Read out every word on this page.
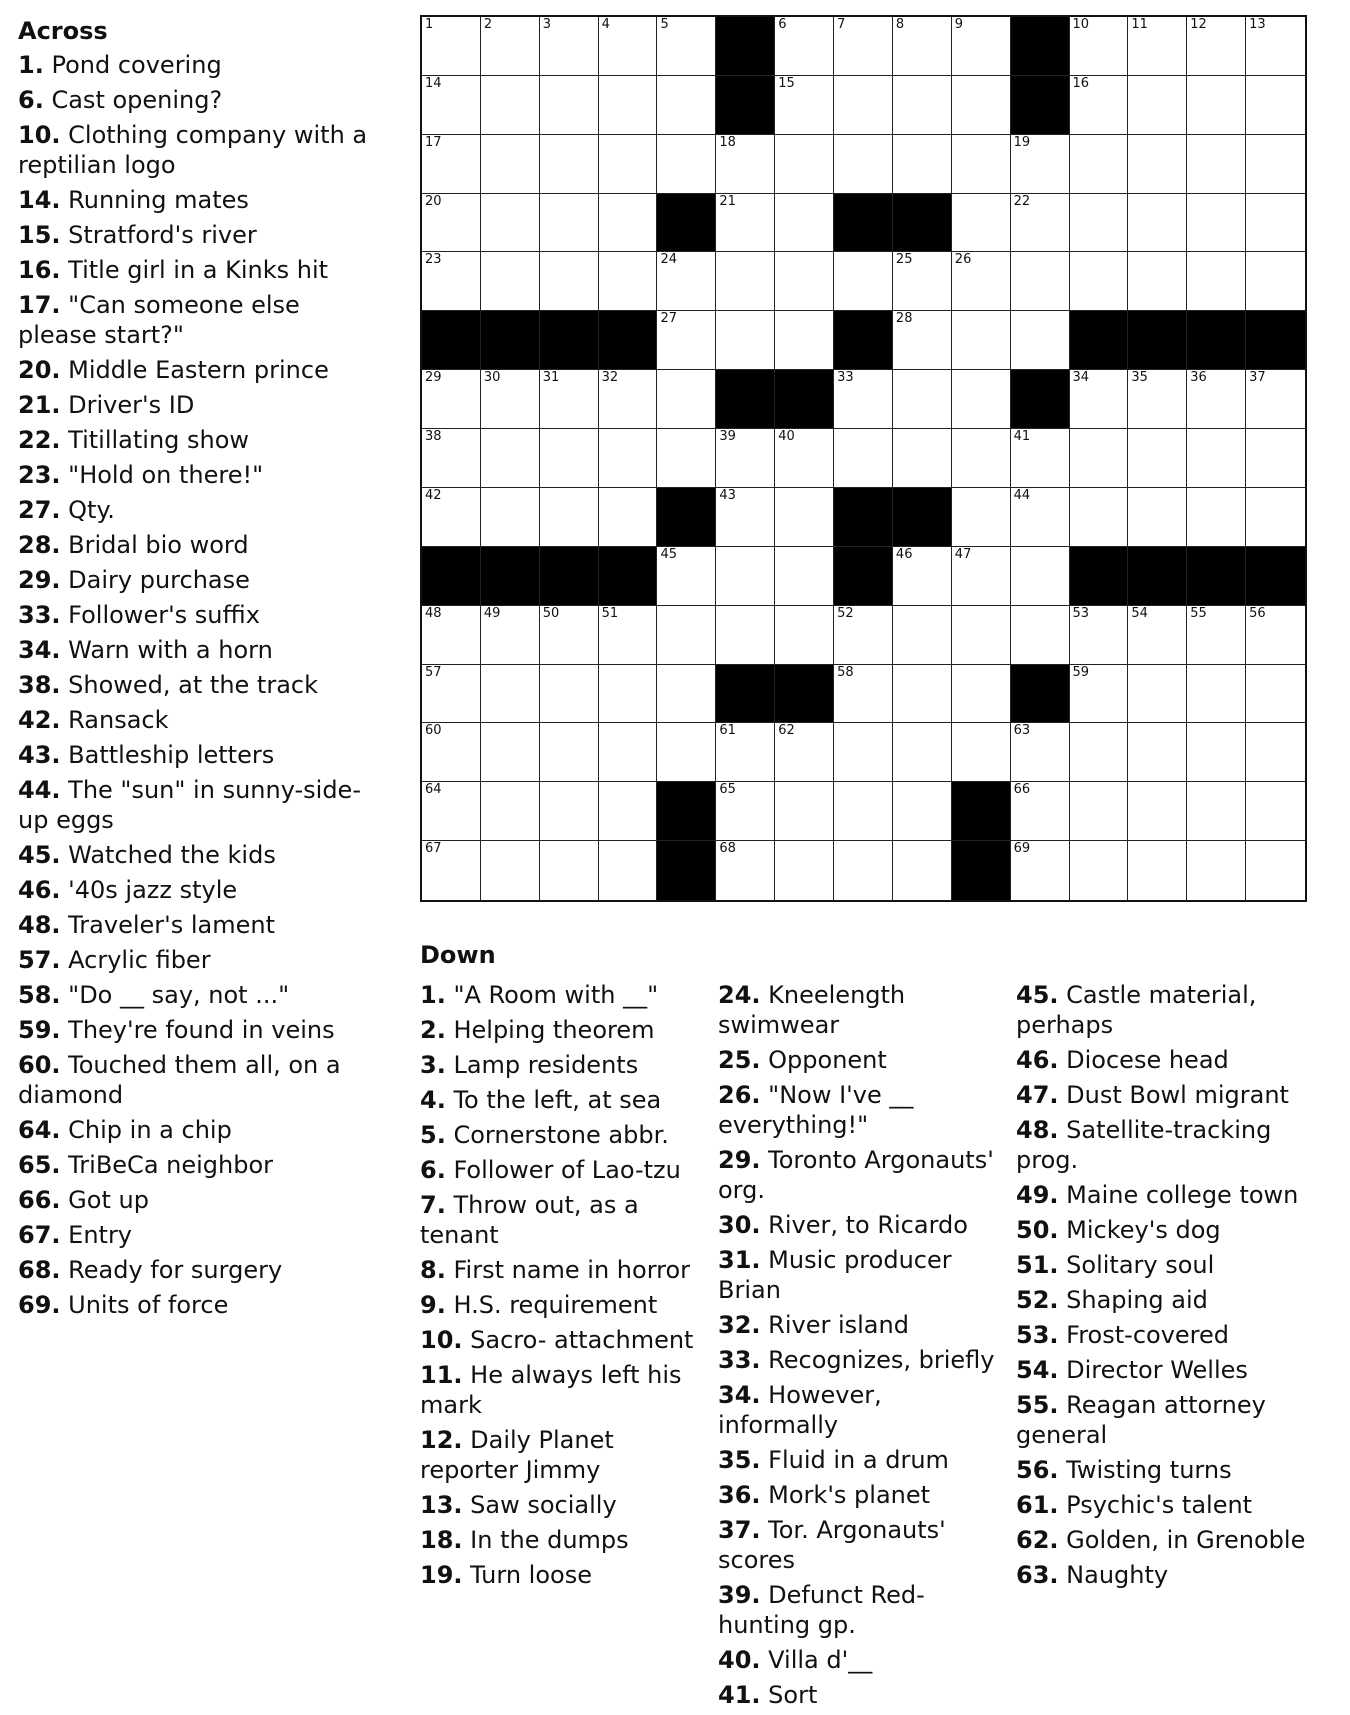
Across

1. Pond covering

6. Cast opening?

10. Clothing company with a reptilian logo

14. Running mates

15. Stratford's river

16. Title girl in a Kinks hit

17. "Can someone else please start?"

20. Middle Eastern prince

21. Driver's ID

22. Titillating show

23. "Hold on there!"

27. Qty.

28. Bridal bio word

29. Dairy purchase

33. Follower's suffix

34. Warn with a horn

38. Showed, at the track

42. Ransack

43. Battleship letters

44. The "sun" in sunny-side-up eggs

45. Watched the kids

46. '40s jazz style

48. Traveler's lament

57. Acrylic fiber

58. "Do __ say, not ..."

59. They're found in veins

60. Touched them all, on a diamond

64. Chip in a chip

65. TriBeCa neighbor

66. Got up

67. Entry

68. Ready for surgery

69. Units of force

1	2	3	4	5	6	7	8	9	10	11	12	13
14	15	16
17	18	19
20	21	22
23	24	25	26
27	28
29	30	31	32	33	34	35	36	37
38	39	40	41
42	43	44
45	46	47
48	49	50	51	52	53	54	55	56
57	58	59
60	61	62	63
64	65	66
67	68	69
Down

1. "A Room with __"

2. Helping theorem

3. Lamp residents

4. To the left, at sea

5. Cornerstone abbr.

6. Follower of Lao-tzu

7. Throw out, as a tenant

8. First name in horror

9. H.S. requirement

10. Sacro- attachment

11. He always left his mark

12. Daily Planet reporter Jimmy

13. Saw socially

18. In the dumps

19. Turn loose

24. Kneelength swimwear

25. Opponent

26. "Now I've __ everything!"

29. Toronto Argonauts' org.

30. River, to Ricardo

31. Music producer Brian

32. River island

33. Recognizes, briefly

34. However, informally

35. Fluid in a drum

36. Mork's planet

37. Tor. Argonauts' scores

39. Defunct Red-hunting gp.

40. Villa d'__

41. Sort

45. Castle material, perhaps

46. Diocese head

47. Dust Bowl migrant

48. Satellite-tracking prog.

49. Maine college town

50. Mickey's dog

51. Solitary soul

52. Shaping aid

53. Frost-covered

54. Director Welles

55. Reagan attorney general

56. Twisting turns

61. Psychic's talent

62. Golden, in Grenoble

63. Naughty
